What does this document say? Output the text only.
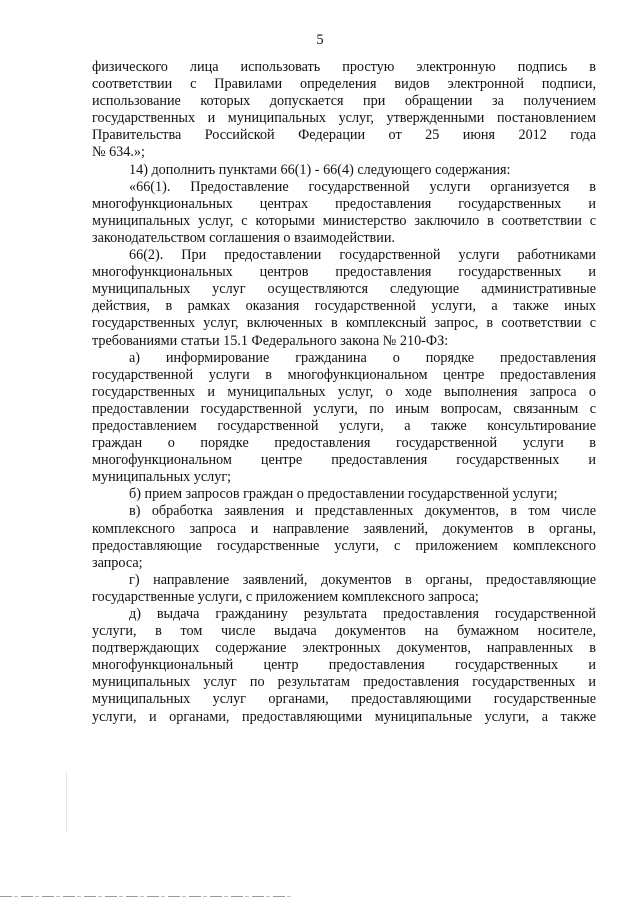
5
физического лица использовать простую электронную подпись в
соответствии с Правилами определения видов электронной подписи,
использование которых допускается при обращении за получением
государственных и муниципальных услуг, утвержденными постановлением
Правительства Российской Федерации от 25 июня 2012 года
№ 634.»;
14) дополнить пунктами 66(1) - 66(4) следующего содержания:
«66(1). Предоставление государственной услуги организуется в
многофункциональных центрах предоставления государственных и
муниципальных услуг, с которыми министерство заключило в соответствии с
законодательством соглашения о взаимодействии.
66(2). При предоставлении государственной услуги работниками
многофункциональных центров предоставления государственных и
муниципальных услуг осуществляются следующие административные
действия, в рамках оказания государственной услуги, а также иных
государственных услуг, включенных в комплексный запрос, в соответствии с
требованиями статьи 15.1 Федерального закона № 210-ФЗ:
а) информирование гражданина о порядке предоставления
государственной услуги в многофункциональном центре предоставления
государственных и муниципальных услуг, о ходе выполнения запроса о
предоставлении государственной услуги, по иным вопросам, связанным с
предоставлением государственной услуги, а также консультирование
граждан о порядке предоставления государственной услуги в
многофункциональном центре предоставления государственных и
муниципальных услуг;
б) прием запросов граждан о предоставлении государственной услуги;
в) обработка заявления и представленных документов, в том числе
комплексного запроса и направление заявлений, документов в органы,
предоставляющие государственные услуги, с приложением комплексного
запроса;
г) направление заявлений, документов в органы, предоставляющие
государственные услуги, с приложением комплексного запроса;
д) выдача гражданину результата предоставления государственной
услуги, в том числе выдача документов на бумажном носителе,
подтверждающих содержание электронных документов, направленных в
многофункциональный центр предоставления государственных и
муниципальных услуг по результатам предоставления государственных и
муниципальных услуг органами, предоставляющими государственные
услуги, и органами, предоставляющими муниципальные услуги, а также
